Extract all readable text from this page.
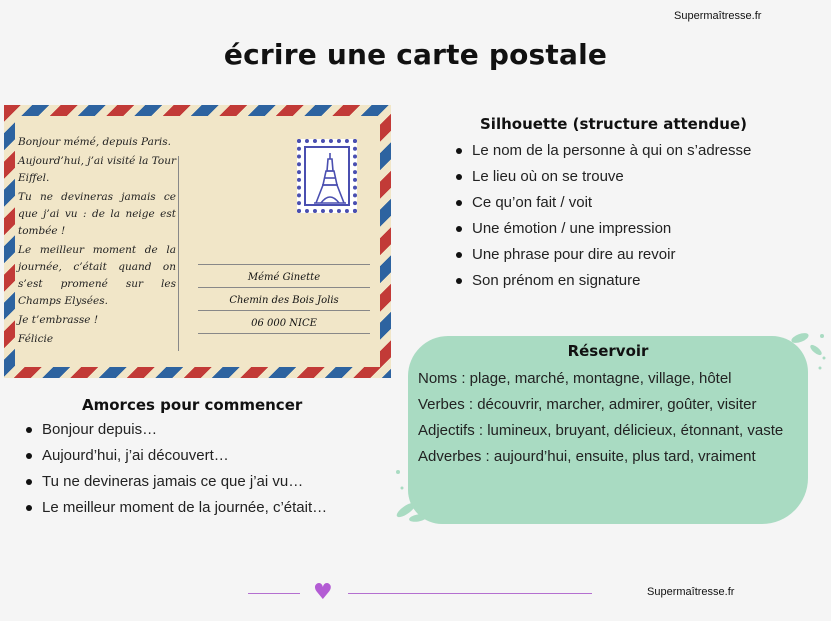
Supermaîtresse.fr
écrire une carte postale

Bonjour mémé, depuis Paris.

Aujourd’hui, j’ai visité la Tour Eiffel.

Tu ne devineras jamais ce que j’ai vu : de la neige est tombée !

Le meilleur moment de la journée, c’était quand on s’est promené sur les Champs Elysées.

Je t’embrasse !

Félicie

Mémé Ginette
Chemin des Bois Jolis
06 000 NICE
Silhouette (structure attendue)
Le nom de la personne à qui on s’adresse
Le lieu où on se trouve
Ce qu’on fait / voit
Une émotion / une impression
Une phrase pour dire au revoir
Son prénom en signature
Amorces pour commencer
Bonjour depuis…
Aujourd’hui, j’ai découvert…
Tu ne devineras jamais ce que j’ai vu…
Le meilleur moment de la journée, c’était…
Réservoir

Noms : plage, marché, montagne, village, hôtel

Verbes : découvrir, marcher, admirer, goûter, visiter

Adjectifs : lumineux, bruyant, délicieux, étonnant, vaste

Adverbes : aujourd’hui, ensuite, plus tard, vraiment

♥	Supermaîtresse.fr
